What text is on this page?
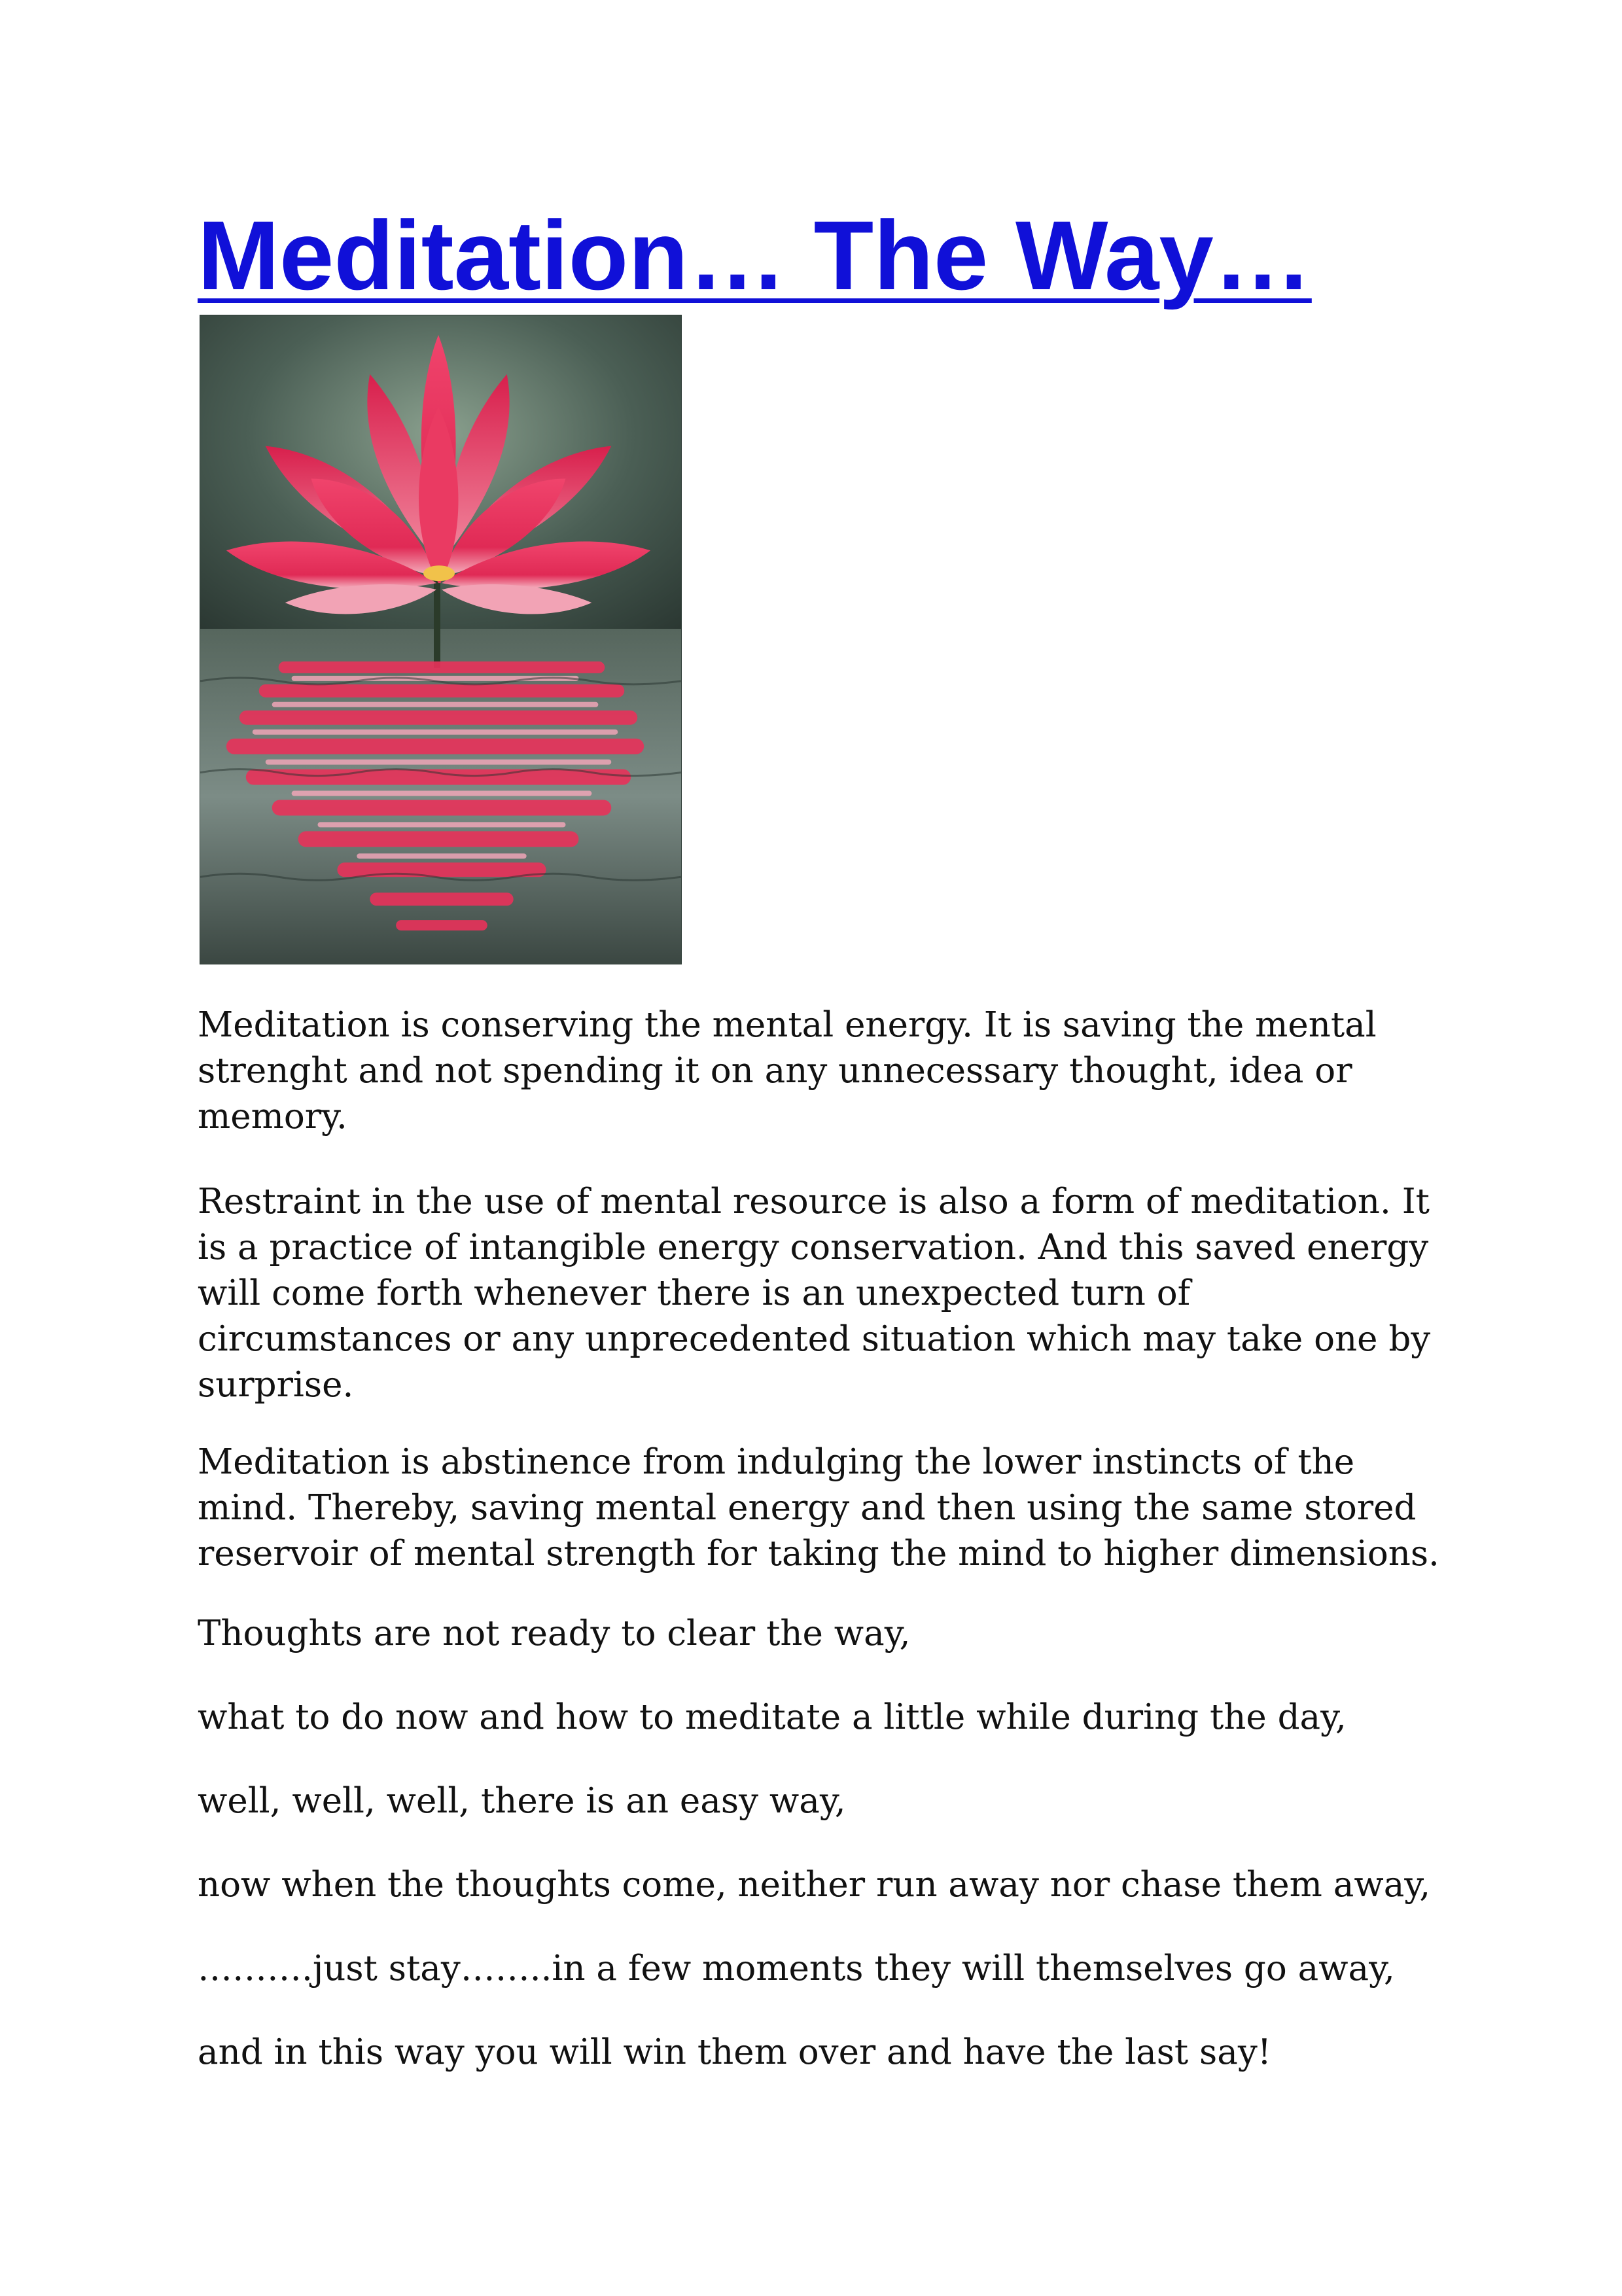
Meditation… The Way…

Meditation is conserving the mental energy. It is saving the mental
strenght and not spending it on any unnecessary thought, idea or
memory.

Restraint in the use of mental resource is also a form of meditation. It
is a practice of intangible energy conservation. And this saved energy
will come forth whenever there is an unexpected turn of
circumstances or any unprecedented situation which may take one by
surprise.

Meditation is abstinence from indulging the lower instincts of the
mind. Thereby, saving mental energy and then using the same stored
reservoir of mental strength for taking the mind to higher dimensions.

Thoughts are not ready to clear the way,
what to do now and how to meditate a little while during the day,
well, well, well, there is an easy way,
now when the thoughts come, neither run away nor chase them away,
……….just stay……..in a few moments they will themselves go away,
and in this way you will win them over and have the last say!
